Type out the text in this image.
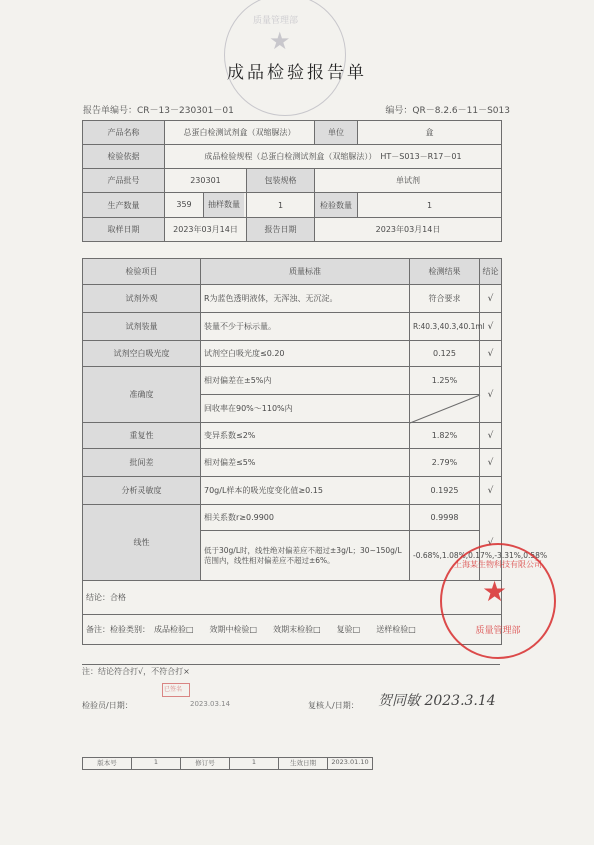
★
质量管理部
成品检验报告单
报告单编号：CR－13－230301－01	编号：QR－8.2.6－11－S013
产品名称	总蛋白检测试剂盒（双缩脲法）		单位	盒
检验依据	成品检验规程（总蛋白检测试剂盒（双缩脲法））　HT－S013－R17－01			
产品批号	230301	包装规格	单试剂	
生产数量	359 抽样数量	1	检验数量	1
取样日期	2023年03月14日	报告日期	2023年03月14日	
检验项目	质量标准	检测结果	结论
试剂外观	R为蓝色透明液体，无浑浊、无沉淀。	符合要求	√
试剂装量	装量不少于标示量。	R:40.3,40.3,40.1ml	√
试剂空白吸光度	试剂空白吸光度≤0.20	0.125	√
准确度	相对偏差在±5%内	1.25%	√
	回收率在90%～110%内	

重复性	变异系数≤2%	1.82%	√
批间差	相对偏差≤5%	2.79%	√
分析灵敏度	70g/L样本的吸光度变化值≥0.15	0.1925	√
线性	相关系数r≥0.9900	0.9998	√
	低于30g/L时，线性绝对偏差应不超过±3g/L；30~150g/L范围内，线性相对偏差应不超过±6%。	-0.68%,1.08%,0.17%,-3.31%,0.58%	
结论：合格			
备注：检验类别：　成品检验□　　效期中检验□　　效期末检验□　　复验□　　送样检验□			
注：结论符合打√，不符合打×
检验员/日期：	2023.03.14
已签名
复核人/日期： 贺同敏 2023.3.14
版本号	1	修订号	1	生效日期	2023.01.10
★
上海某生物科技有限公司
质量管理部
